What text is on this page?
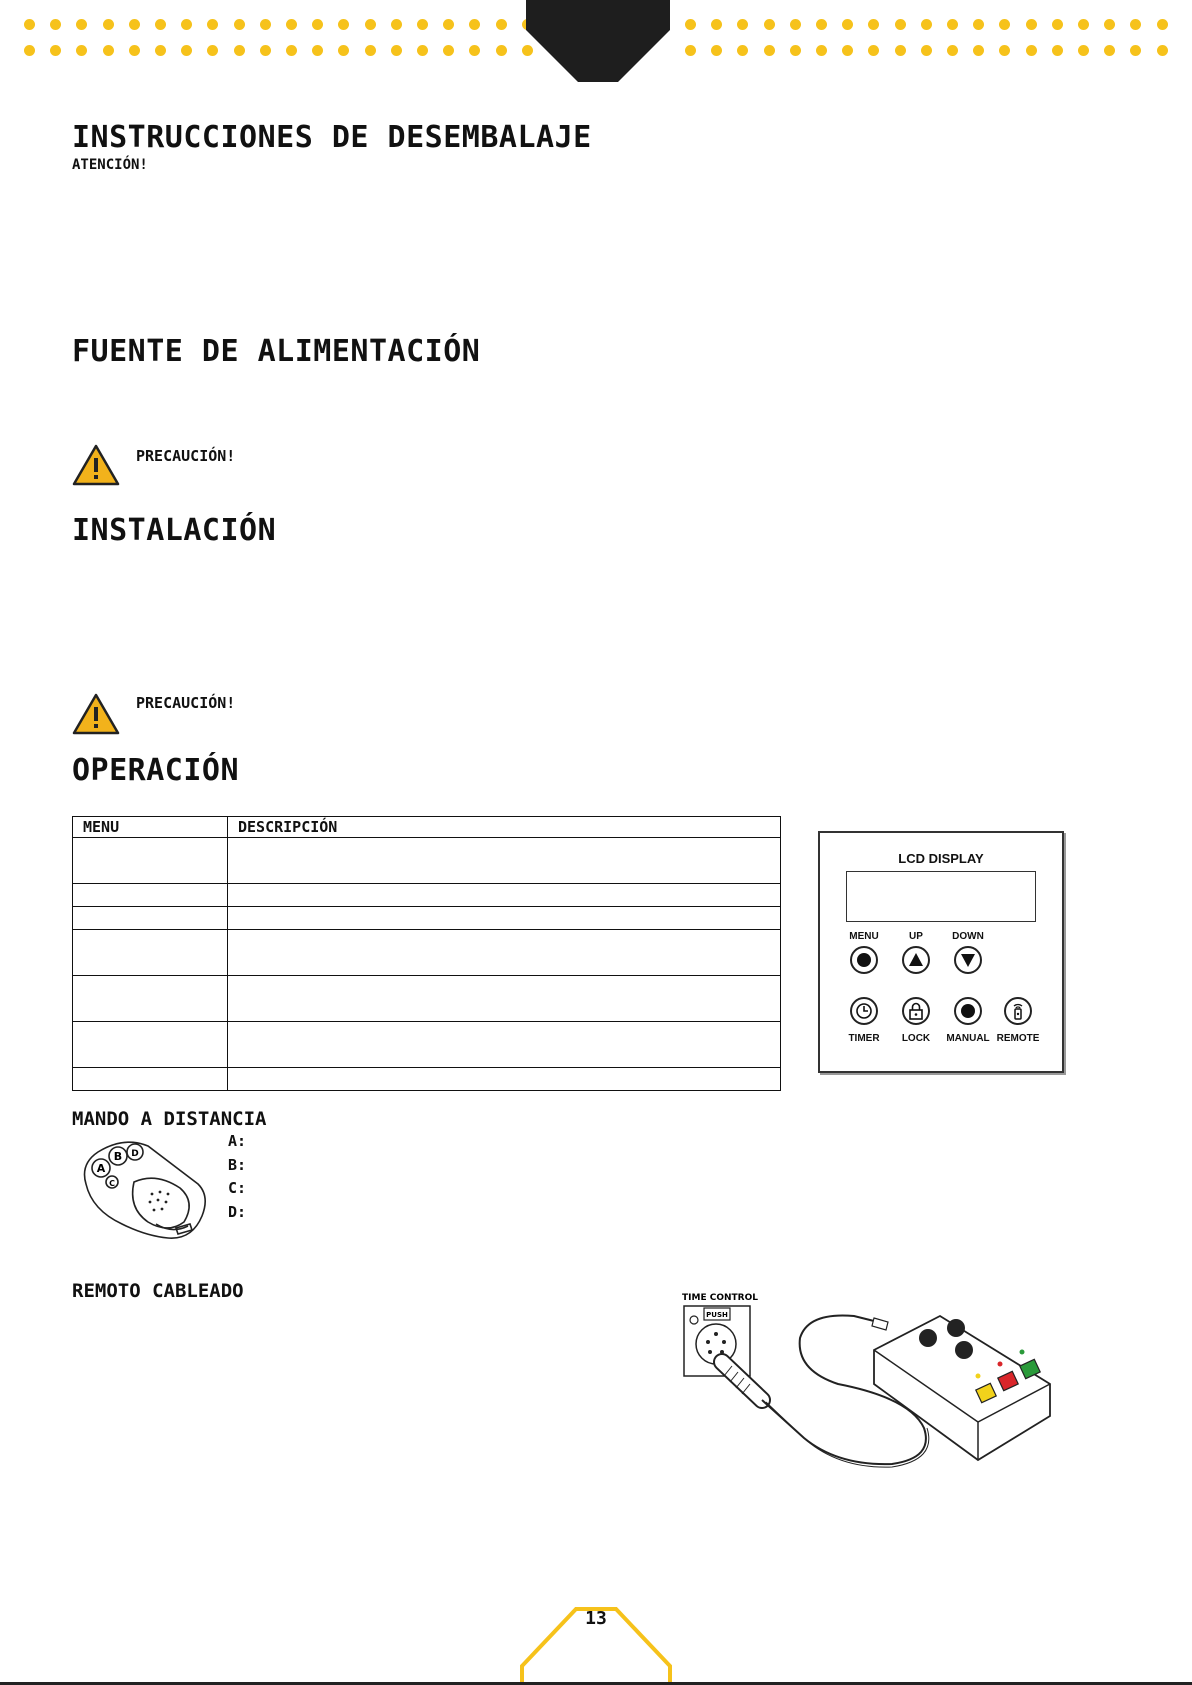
INSTRUCCIONES DE DESEMBALAJE
ATENCIÓN!
FUENTE DE ALIMENTACIÓN
PRECAUCIÓN!
INSTALACIÓN
PRECAUCIÓN!
OPERACIÓN
MENU	DESCRIPCIÓN

LCD DISPLAY
MENU	UP	DOWN
TIMER	LOCK	MANUAL REMOTE
MANDO A DISTANCIA
A
B
C
D
A:
B:
C:
D:
REMOTO CABLEADO	TIME CONTROL
PUSH
13
